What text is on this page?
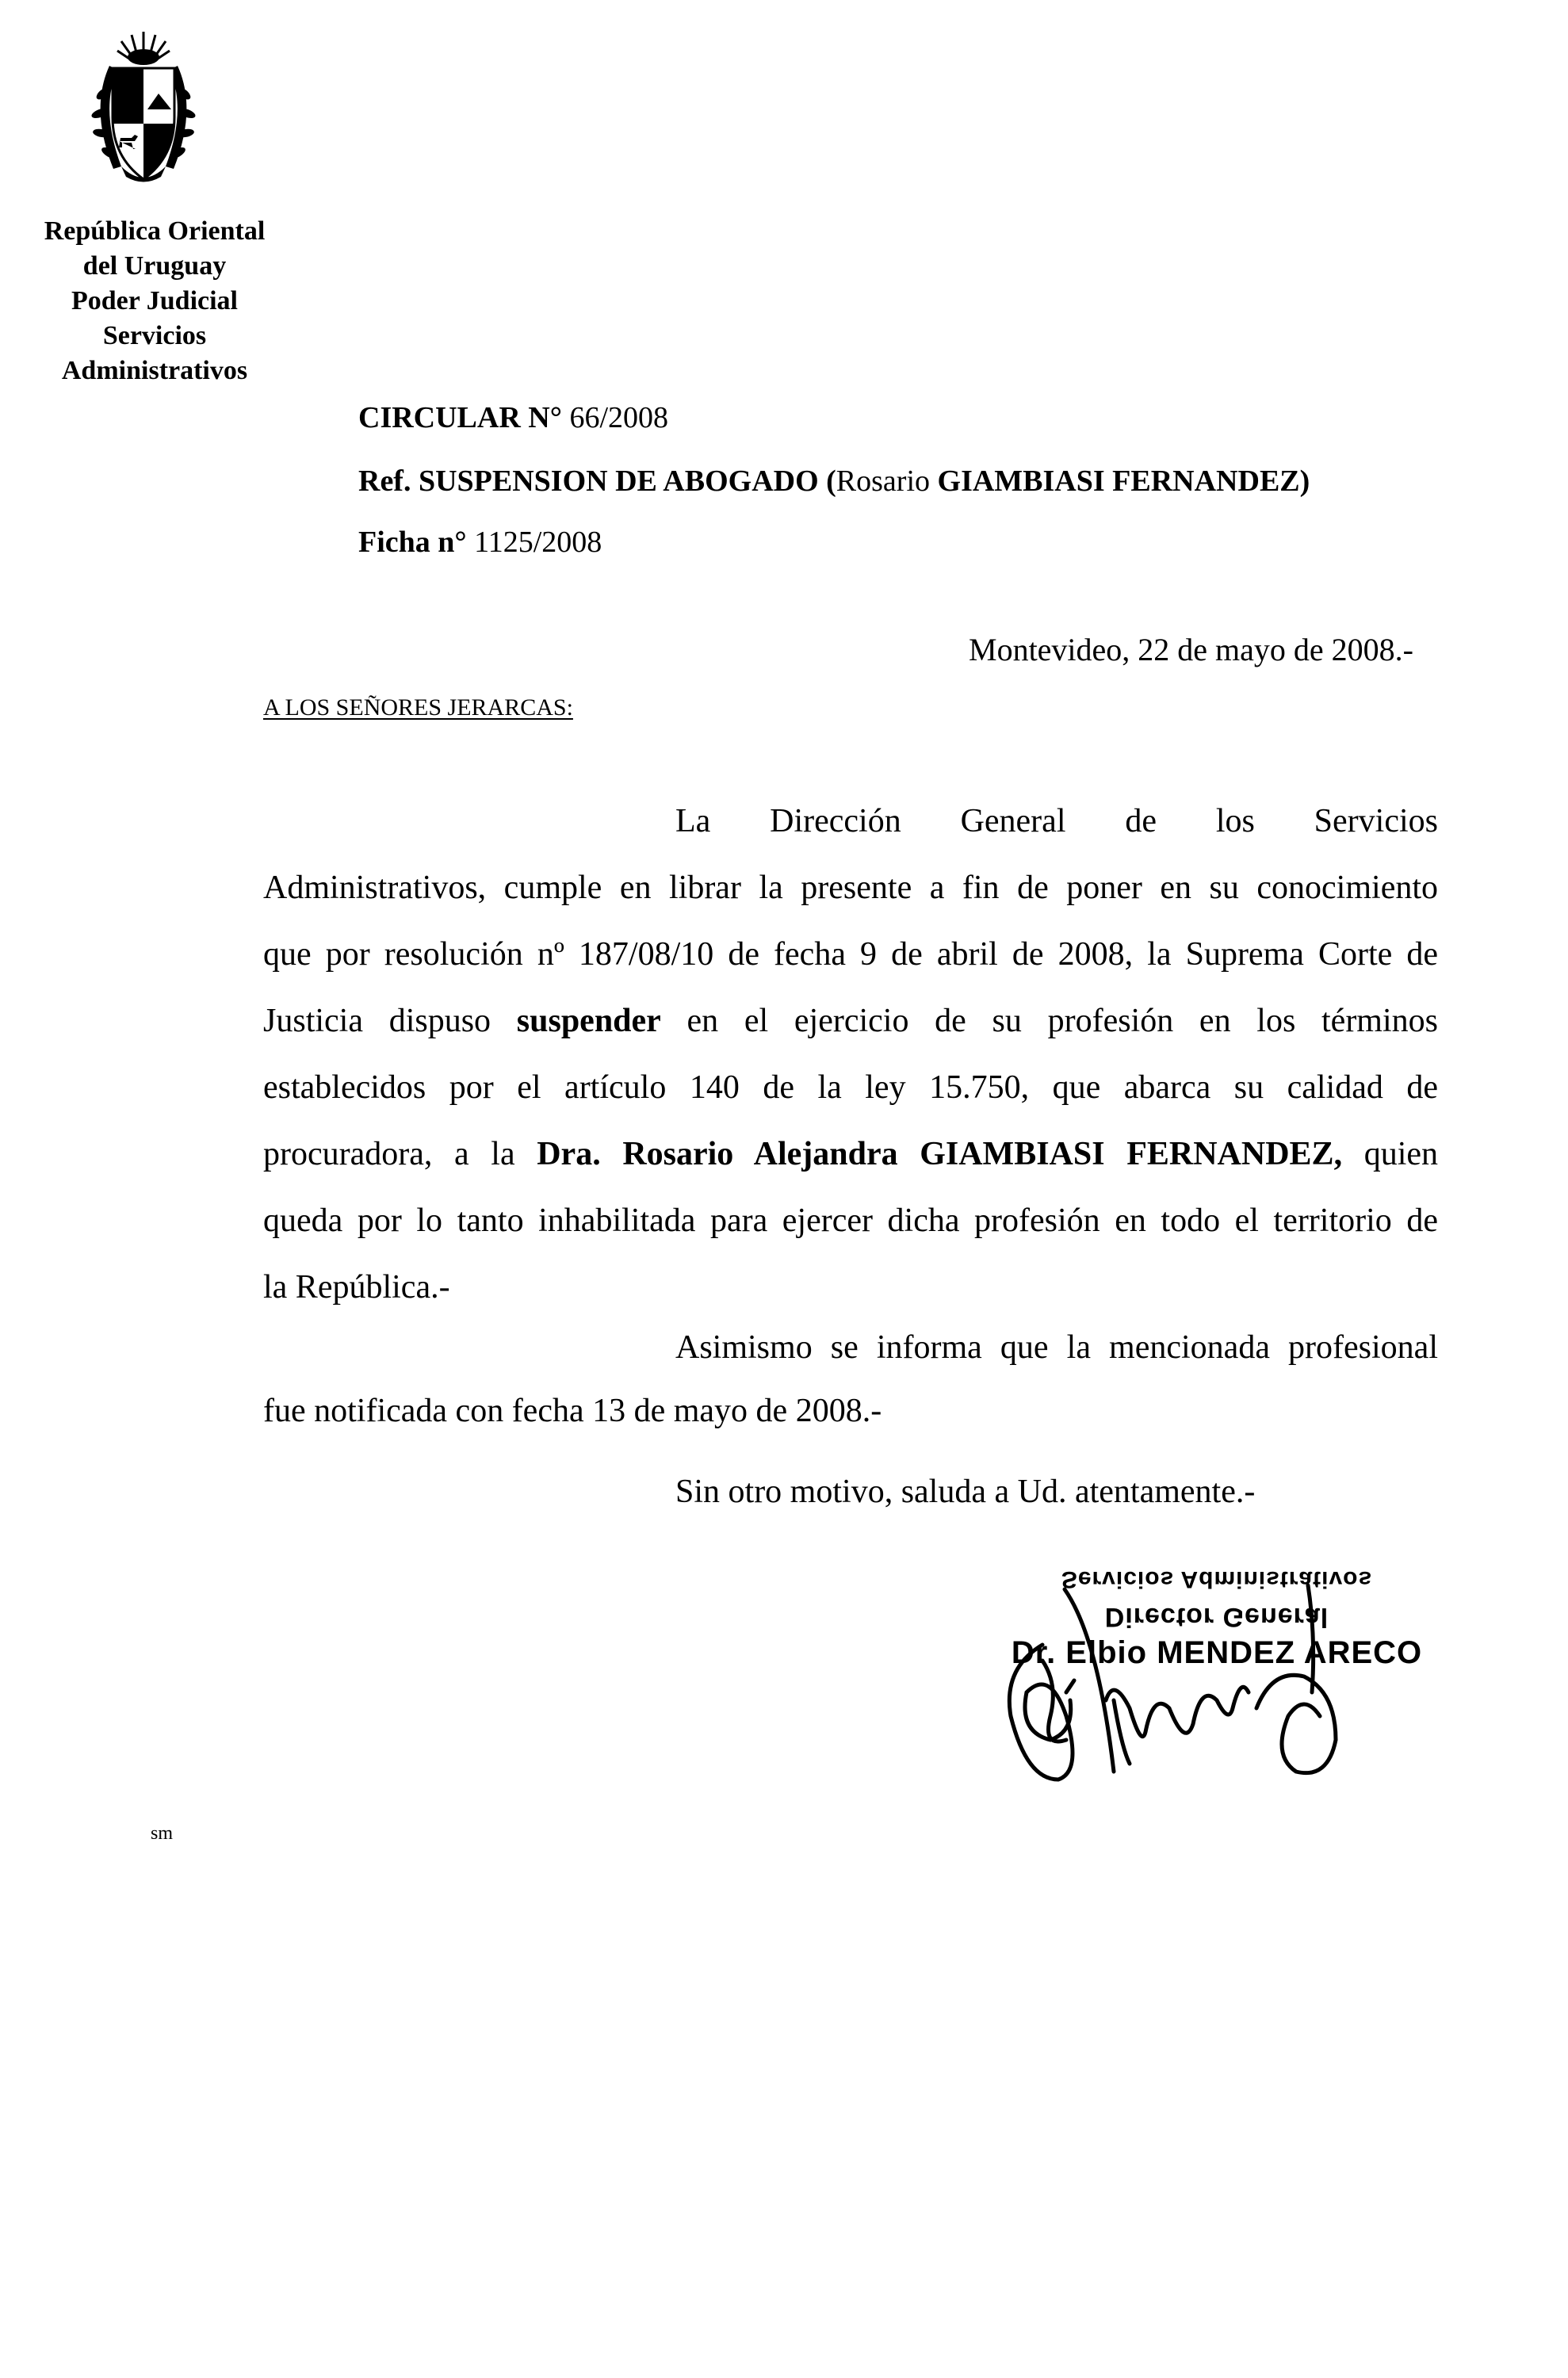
República Oriental
del Uruguay
Poder Judicial
Servicios
Administrativos
CIRCULAR N° 66/2008
Ref. SUSPENSION DE ABOGADO (Rosario GIAMBIASI FERNANDEZ)
Ficha n° 1125/2008
Montevideo, 22 de mayo de 2008.-
A LOS SEÑORES JERARCAS:
La Dirección General de los Servicios
Administrativos, cumple en librar la presente a fin de poner en su conocimiento
que por resolución nº 187/08/10 de fecha 9 de abril de 2008, la Suprema Corte de
Justicia dispuso suspender en el ejercicio de su profesión en los términos
establecidos por el artículo 140 de la ley 15.750, que abarca su calidad de
procuradora, a la Dra. Rosario Alejandra GIAMBIASI FERNANDEZ, quien
queda por lo tanto inhabilitada para ejercer dicha profesión en todo el territorio de
la República.-
Asimismo se informa que la mencionada profesional
fue notificada con fecha 13 de mayo de 2008.-
Sin otro motivo, saluda a Ud. atentamente.-
Servicios Administrativos
Director General
Dr. Elbio MENDEZ ARECO
sm
